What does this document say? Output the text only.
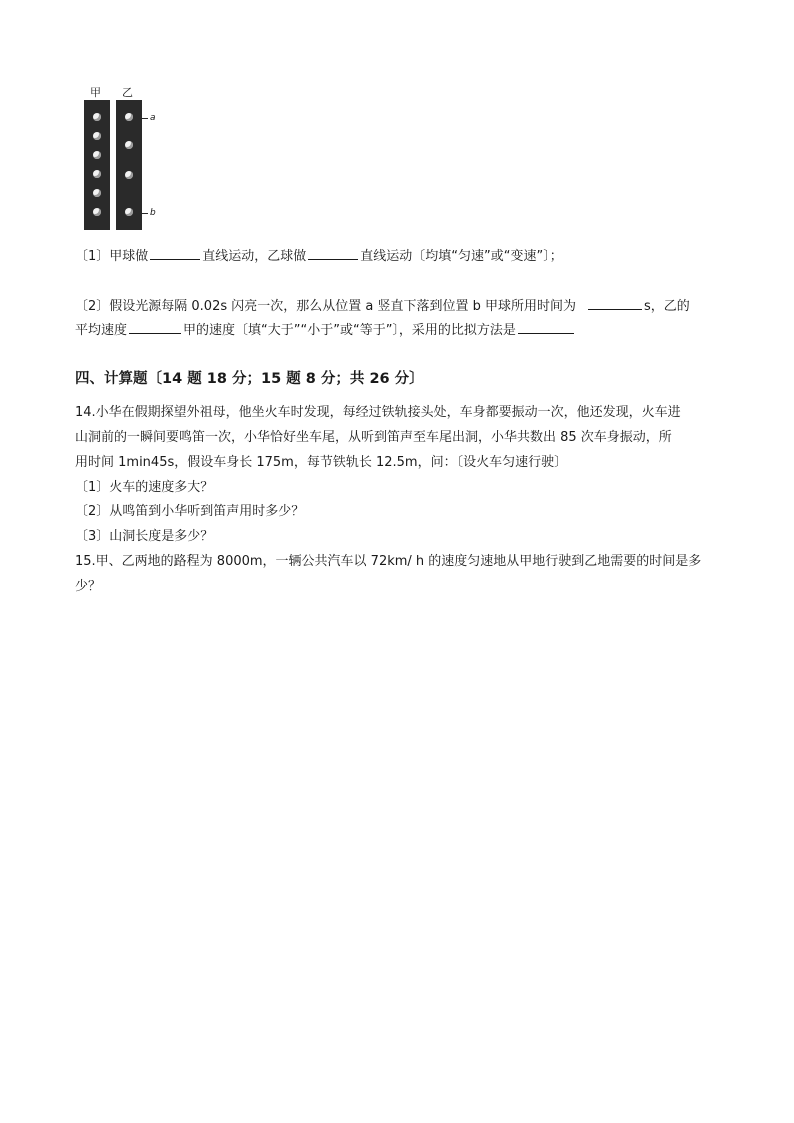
甲 乙
a
b
〔1〕甲球做	直线运动，乙球做	直线运动〔均填“匀速”或“变速”〕；
〔2〕假设光源每隔 0.02s 闪亮一次，那么从位置 a 竖直下落到位置 b 甲球所用时间为	s，乙的
平均速度	甲的速度〔填“大于”“小于”或“等于”〕，采用的比拟方法是
四、计算题〔14 题 18 分；15 题 8 分；共 26 分〕
14.小华在假期探望外祖母，他坐火车时发现，每经过铁轨接头处，车身都要振动一次，他还发现，火车进
山洞前的一瞬间要鸣笛一次，小华恰好坐车尾，从听到笛声至车尾出洞，小华共数出 85 次车身振动，所
用时间 1min45s，假设车身长 175m，每节铁轨长 12.5m，问：〔设火车匀速行驶〕
〔1〕火车的速度多大？
〔2〕从鸣笛到小华听到笛声用时多少？
〔3〕山洞长度是多少？
15.甲、乙两地的路程为 8000m，一辆公共汽车以 72km/ h 的速度匀速地从甲地行驶到乙地需要的时间是多
少？
